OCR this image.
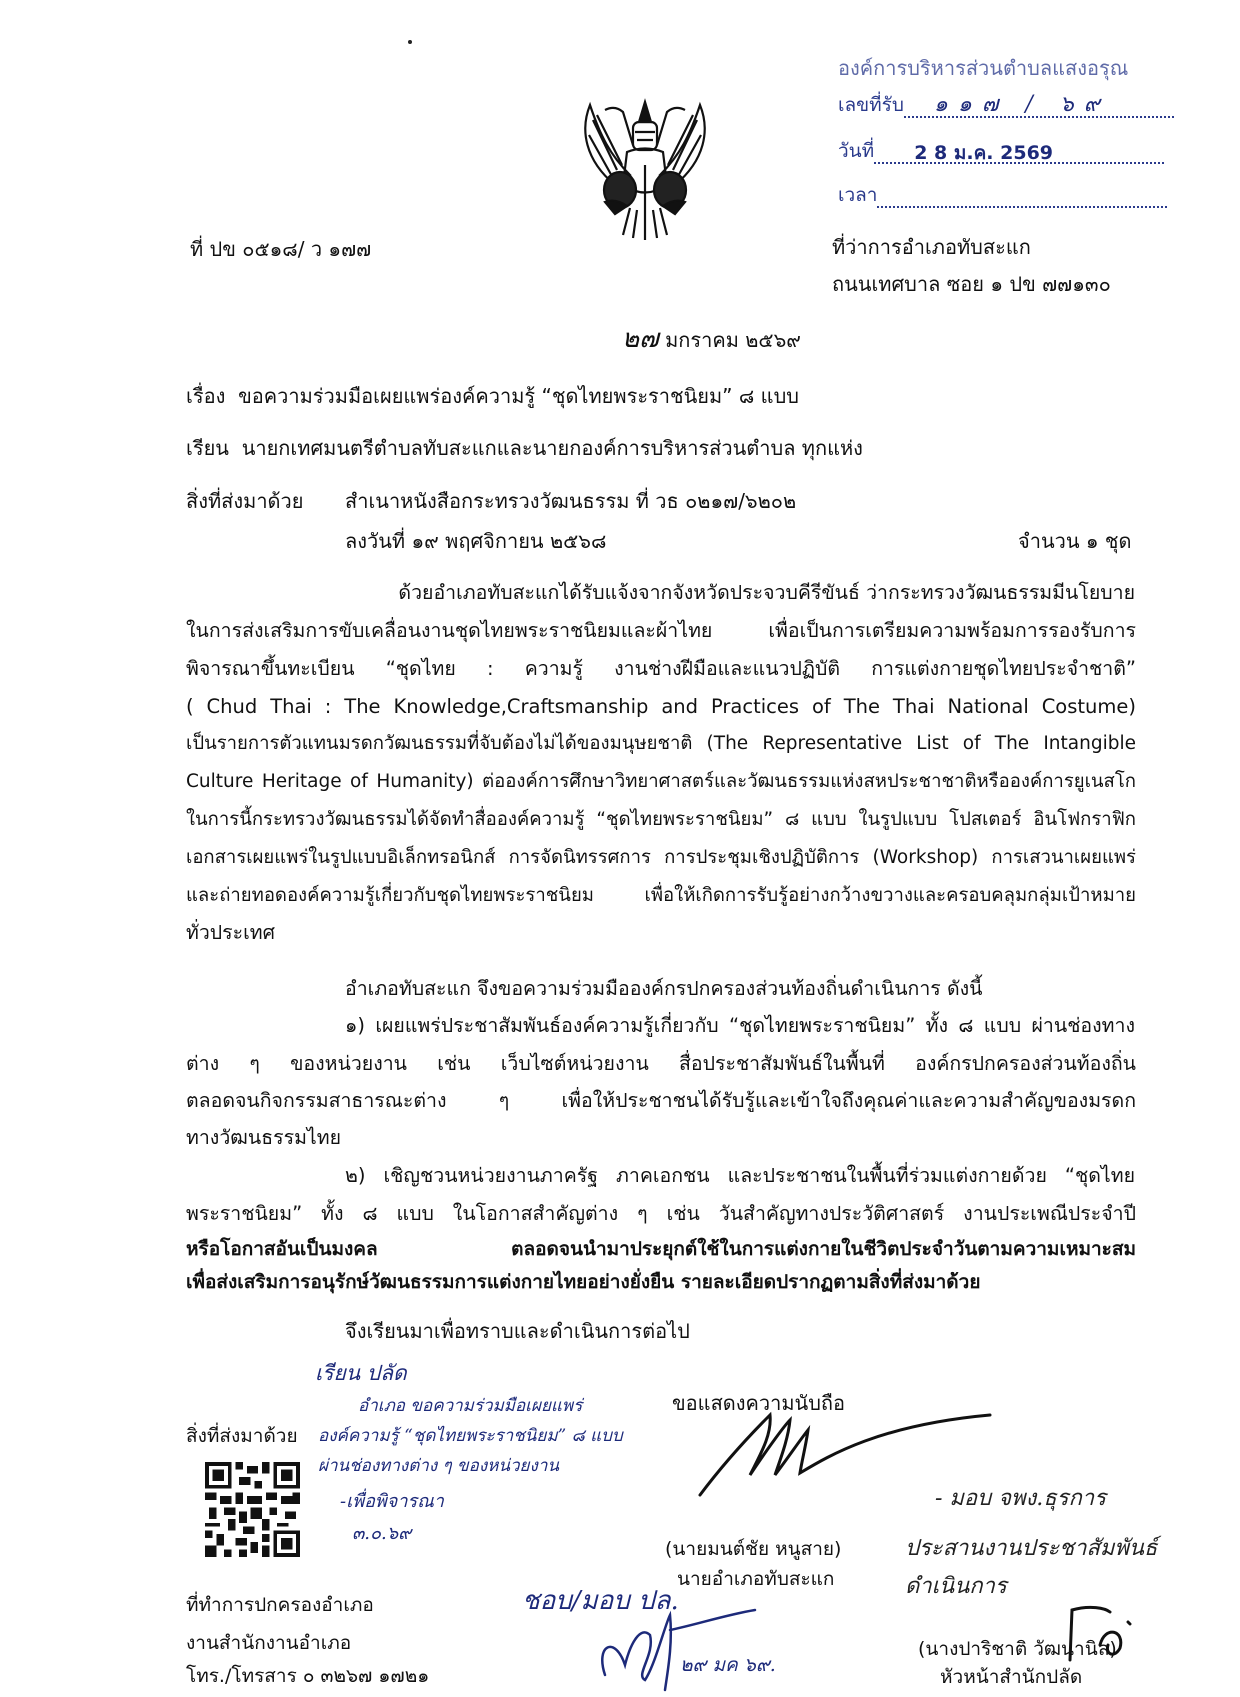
องค์การบริหารส่วนตำบลแสงอรุณ
เลขที่รับ ๑๑๗ / ๖๙

วันที่ 2 8 ม.ค. 2569

เวลา
ที่ ปข ๐๕๑๘/ ว ๑๗๗	ที่ว่าการอำเภอทับสะแก
ถนนเทศบาล ซอย ๑ ปข ๗๗๑๓๐
๒๗ มกราคม ๒๕๖๙
เรื่อง ขอความร่วมมือเผยแพร่องค์ความรู้ “ชุดไทยพระราชนิยม” ๘ แบบ
เรียน นายกเทศมนตรีตำบลทับสะแกและนายกองค์การบริหารส่วนตำบล ทุกแห่ง
สิ่งที่ส่งมาด้วย สำเนาหนังสือกระทรวงวัฒนธรรม ที่ วธ ๐๒๑๗/๖๒๐๒
ลงวันที่ ๑๙ พฤศจิกายน ๒๕๖๘	จำนวน ๑ ชุด
ด้วยอำเภอทับสะแกได้รับแจ้งจากจังหวัดประจวบคีรีขันธ์ ว่ากระทรวงวัฒนธรรมมีนโยบาย
ในการส่งเสริมการขับเคลื่อนงานชุดไทยพระราชนิยมและผ้าไทย เพื่อเป็นการเตรียมความพร้อมการรองรับการ
พิจารณาขึ้นทะเบียน “ชุดไทย : ความรู้ งานช่างฝีมือและแนวปฏิบัติ การแต่งกายชุดไทยประจำชาติ”
( Chud Thai : The Knowledge,Craftsmanship and Practices of The Thai National Costume)
เป็นรายการตัวแทนมรดกวัฒนธรรมที่จับต้องไม่ได้ของมนุษยชาติ (The Representative List of The Intangible
Culture Heritage of Humanity) ต่อองค์การศึกษาวิทยาศาสตร์และวัฒนธรรมแห่งสหประชาชาติหรือองค์การยูเนสโก
ในการนี้กระทรวงวัฒนธรรมได้จัดทำสื่อองค์ความรู้ “ชุดไทยพระราชนิยม” ๘ แบบ ในรูปแบบ โปสเตอร์ อินโฟกราฟิก
เอกสารเผยแพร่ในรูปแบบอิเล็กทรอนิกส์ การจัดนิทรรศการ การประชุมเชิงปฏิบัติการ (Workshop) การเสวนาเผยแพร่
และถ่ายทอดองค์ความรู้เกี่ยวกับชุดไทยพระราชนิยม เพื่อให้เกิดการรับรู้อย่างกว้างขวางและครอบคลุมกลุ่มเป้าหมาย
ทั่วประเทศ
อำเภอทับสะแก จึงขอความร่วมมือองค์กรปกครองส่วนท้องถิ่นดำเนินการ ดังนี้
๑) เผยแพร่ประชาสัมพันธ์องค์ความรู้เกี่ยวกับ “ชุดไทยพระราชนิยม” ทั้ง ๘ แบบ ผ่านช่องทาง
ต่าง ๆ ของหน่วยงาน เช่น เว็บไซต์หน่วยงาน สื่อประชาสัมพันธ์ในพื้นที่ องค์กรปกครองส่วนท้องถิ่น
ตลอดจนกิจกรรมสาธารณะต่าง ๆ เพื่อให้ประชาชนได้รับรู้และเข้าใจถึงคุณค่าและความสำคัญของมรดก
ทางวัฒนธรรมไทย
๒) เชิญชวนหน่วยงานภาครัฐ ภาคเอกชน และประชาชนในพื้นที่ร่วมแต่งกายด้วย “ชุดไทย
พระราชนิยม” ทั้ง ๘ แบบ ในโอกาสสำคัญต่าง ๆ เช่น วันสำคัญทางประวัติศาสตร์ งานประเพณีประจำปี
หรือโอกาสอันเป็นมงคล ตลอดจนนำมาประยุกต์ใช้ในการแต่งกายในชีวิตประจำวันตามความเหมาะสม
เพื่อส่งเสริมการอนุรักษ์วัฒนธรรมการแต่งกายไทยอย่างยั่งยืน รายละเอียดปรากฏตามสิ่งที่ส่งมาด้วย
จึงเรียนมาเพื่อทราบและดำเนินการต่อไป
ขอแสดงความนับถือ
(นายมนต์ชัย หนูสาย)
นายอำเภอทับสะแก
เรียน ปลัด
อำเภอ ขอความร่วมมือเผยแพร่
องค์ความรู้ “ชุดไทยพระราชนิยม” ๘ แบบ
ผ่านช่องทางต่าง ๆ ของหน่วยงาน
-เพื่อพิจารณา
๓.๐.๖๙
- มอบ จพง.ธุรการ
ประสานงานประชาสัมพันธ์
ดำเนินการ
สิ่งที่ส่งมาด้วย
ชอบ/มอบ ปล.
๒๙ มค ๖๙.
ที่ทำการปกครองอำเภอ
งานสำนักงานอำเภอ
โทร./โทรสาร ๐ ๓๒๖๗ ๑๗๒๑
(นางปาริชาติ วัฒนานิล)
หัวหน้าสำนักปลัด
